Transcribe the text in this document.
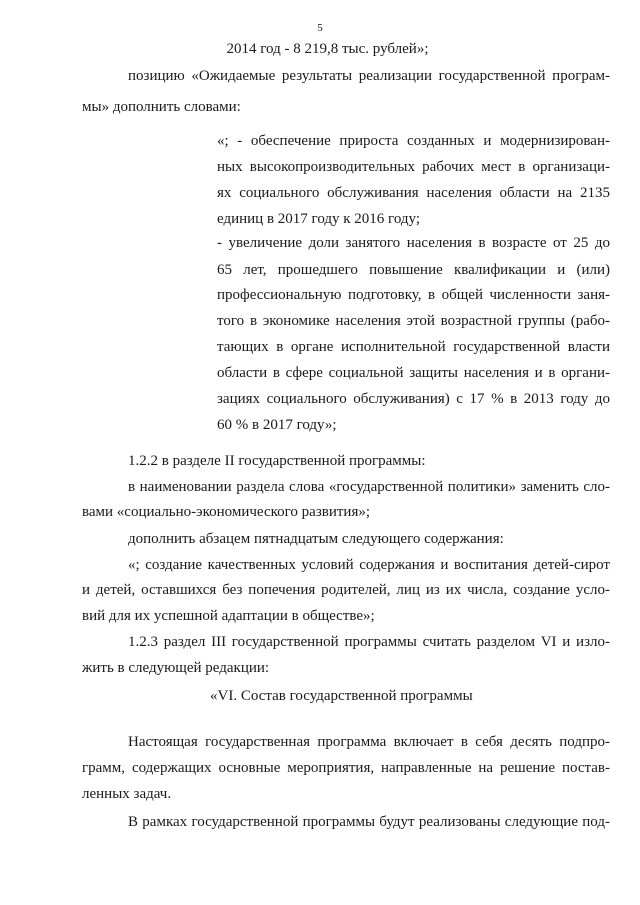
5
2014 год - 8 219,8 тыс. рублей»;
позицию «Ожидаемые результаты реализации государственной програм-
мы» дополнить словами:
«; - обеспечение прироста созданных и модернизирован-
ных высокопроизводительных рабочих мест в организаци-
ях социального обслуживания населения области на 2135
единиц в 2017 году к 2016 году;
- увеличение доли занятого населения в возрасте от 25 до
65 лет, прошедшего повышение квалификации и (или)
профессиональную подготовку, в общей численности заня-
того в экономике населения этой возрастной группы (рабо-
тающих в органе исполнительной государственной власти
области в сфере социальной защиты населения и в органи-
зациях социального обслуживания) с 17 % в 2013 году до
60 % в 2017 году»;
1.2.2 в разделе II государственной программы:
в наименовании раздела слова «государственной политики» заменить сло-
вами «социально-экономического развития»;
дополнить абзацем пятнадцатым следующего содержания:
«; создание качественных условий содержания и воспитания детей-сирот
и детей, оставшихся без попечения родителей, лиц из их числа, создание усло-
вий для их успешной адаптации в обществе»;
1.2.3 раздел III государственной программы считать разделом VI и изло-
жить в следующей редакции:
«VI. Состав государственной программы
Настоящая государственная программа включает в себя десять подпро-
грамм, содержащих основные мероприятия, направленные на решение постав-
ленных задач.
В рамках государственной программы будут реализованы следующие под-
